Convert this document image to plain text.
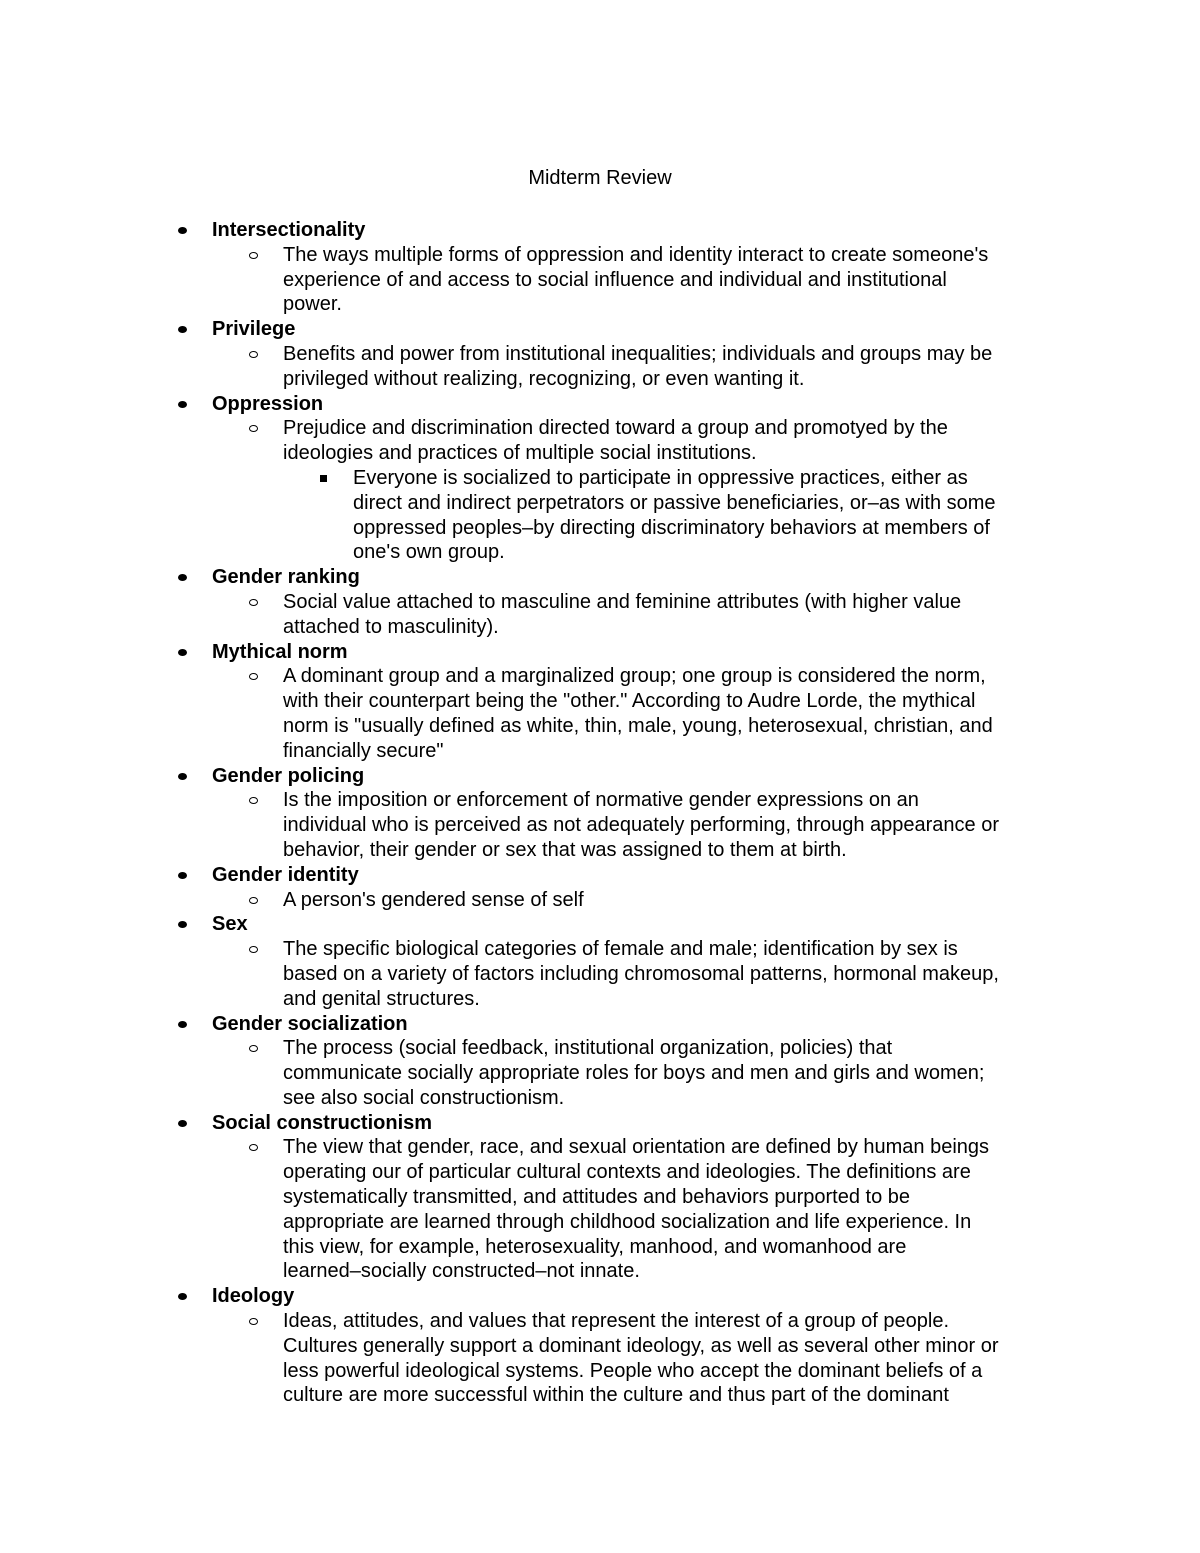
Midterm Review
Intersectionality
The ways multiple forms of oppression and identity interact to create someone's
experience of and access to social influence and individual and institutional
power.
Privilege
Benefits and power from institutional inequalities; individuals and groups may be
privileged without realizing, recognizing, or even wanting it.
Oppression
Prejudice and discrimination directed toward a group and promotyed by the
ideologies and practices of multiple social institutions.
Everyone is socialized to participate in oppressive practices, either as
direct and indirect perpetrators or passive beneficiaries, or–as with some
oppressed peoples–by directing discriminatory behaviors at members of
one's own group.
Gender ranking
Social value attached to masculine and feminine attributes (with higher value
attached to masculinity).
Mythical norm
A dominant group and a marginalized group; one group is considered the norm,
with their counterpart being the "other." According to Audre Lorde, the mythical
norm is "usually defined as white, thin, male, young, heterosexual, christian, and
financially secure"
Gender policing
Is the imposition or enforcement of normative gender expressions on an
individual who is perceived as not adequately performing, through appearance or
behavior, their gender or sex that was assigned to them at birth.
Gender identity
A person's gendered sense of self
Sex
The specific biological categories of female and male; identification by sex is
based on a variety of factors including chromosomal patterns, hormonal makeup,
and genital structures.
Gender socialization
The process (social feedback, institutional organization, policies) that
communicate socially appropriate roles for boys and men and girls and women;
see also social constructionism.
Social constructionism
The view that gender, race, and sexual orientation are defined by human beings
operating our of particular cultural contexts and ideologies. The definitions are
systematically transmitted, and attitudes and behaviors purported to be
appropriate are learned through childhood socialization and life experience. In
this view, for example, heterosexuality, manhood, and womanhood are
learned–socially constructed–not innate.
Ideology
Ideas, attitudes, and values that represent the interest of a group of people.
Cultures generally support a dominant ideology, as well as several other minor or
less powerful ideological systems. People who accept the dominant beliefs of a
culture are more successful within the culture and thus part of the dominant
